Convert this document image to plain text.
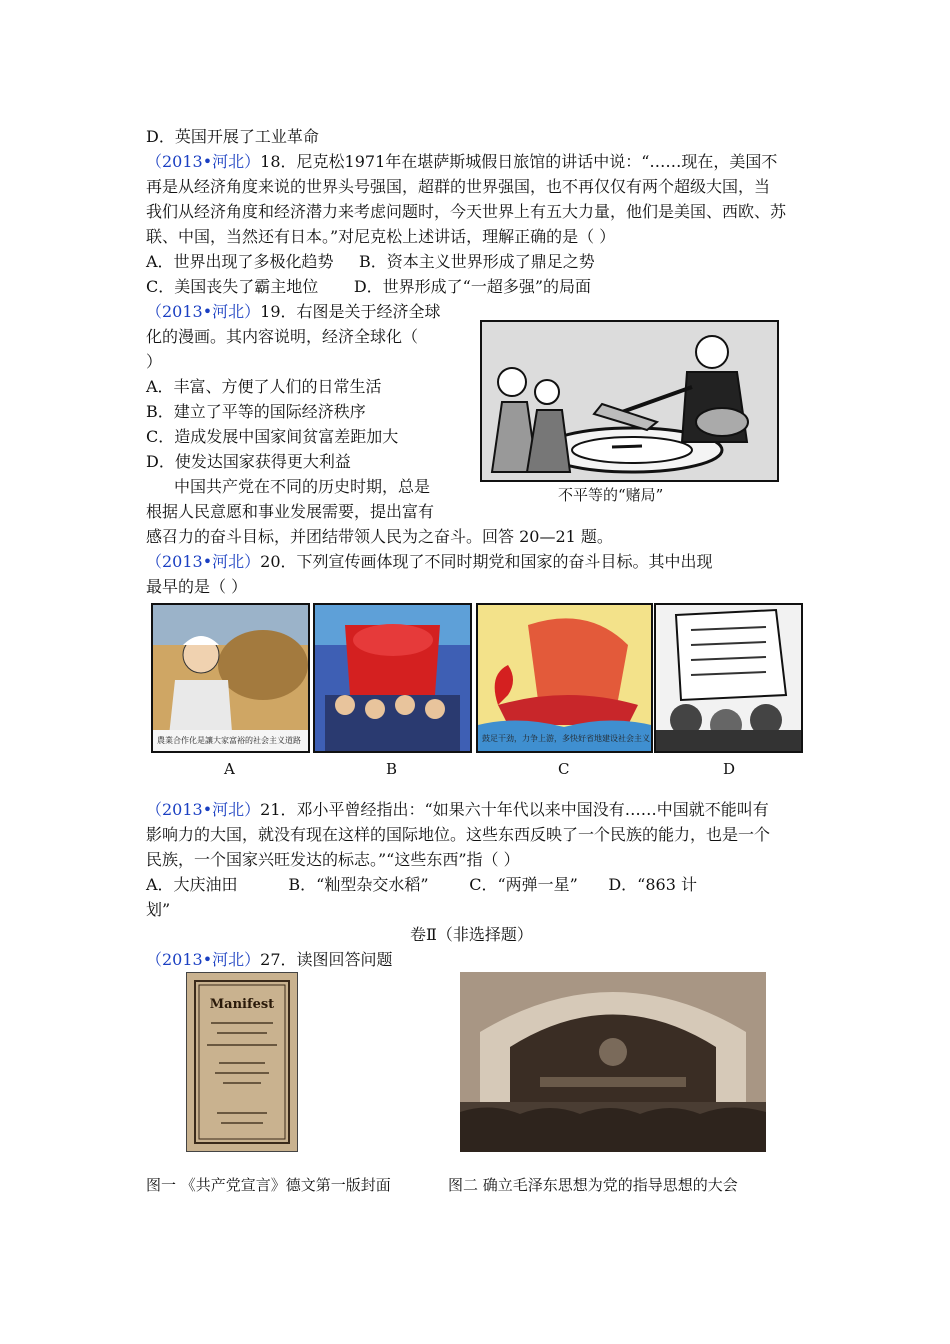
D．英国开展了工业革命
（2013•河北）18．尼克松1971年在堪萨斯城假日旅馆的讲话中说：“……现在，美国不
再是从经济角度来说的世界头号强国，超群的世界强国，也不再仅仅有两个超级大国，当
我们从经济角度和经济潜力来考虑问题时，今天世界上有五大力量，他们是美国、西欧、苏
联、中国，当然还有日本。”对尼克松上述讲话，理解正确的是（ ）
A．世界出现了多极化趋势     B．资本主义世界形成了鼎足之势
C．美国丧失了霸主地位       D．世界形成了“一超多强”的局面
（2013•河北）19．右图是关于经济全球
化的漫画。其内容说明，经济全球化（
）
A．丰富、方便了人们的日常生活
B．建立了平等的国际经济秩序
C．造成发展中国家间贫富差距加大
D．使发达国家获得更大利益
不平等的“赌局”
中国共产党在不同的历史时期，总是
根据人民意愿和事业发展需要，提出富有
感召力的奋斗目标，并团结带领人民为之奋斗。回答 20—21 题。
（2013•河北）20．下列宣传画体现了不同时期党和国家的奋斗目标。其中出现
最早的是（ ）
農業合作化是讓大家富裕的社会主义道路	鼓足干劲，力争上游，多快好省地建设社会主义
A	B	C	D
（2013•河北）21．邓小平曾经指出：“如果六十年代以来中国没有……中国就不能叫有
影响力的大国，就没有现在这样的国际地位。这些东西反映了一个民族的能力，也是一个
民族，一个国家兴旺发达的标志。”“这些东西”指（ ）
A．大庆油田          B．“籼型杂交水稻”        C．“两弹一星”      D．“863 计
划”
卷Ⅱ（非选择题）
（2013•河北）27．读图回答问题
Manifest
图一 《共产党宣言》德文第一版封面	图二 确立毛泽东思想为党的指导思想的大会
